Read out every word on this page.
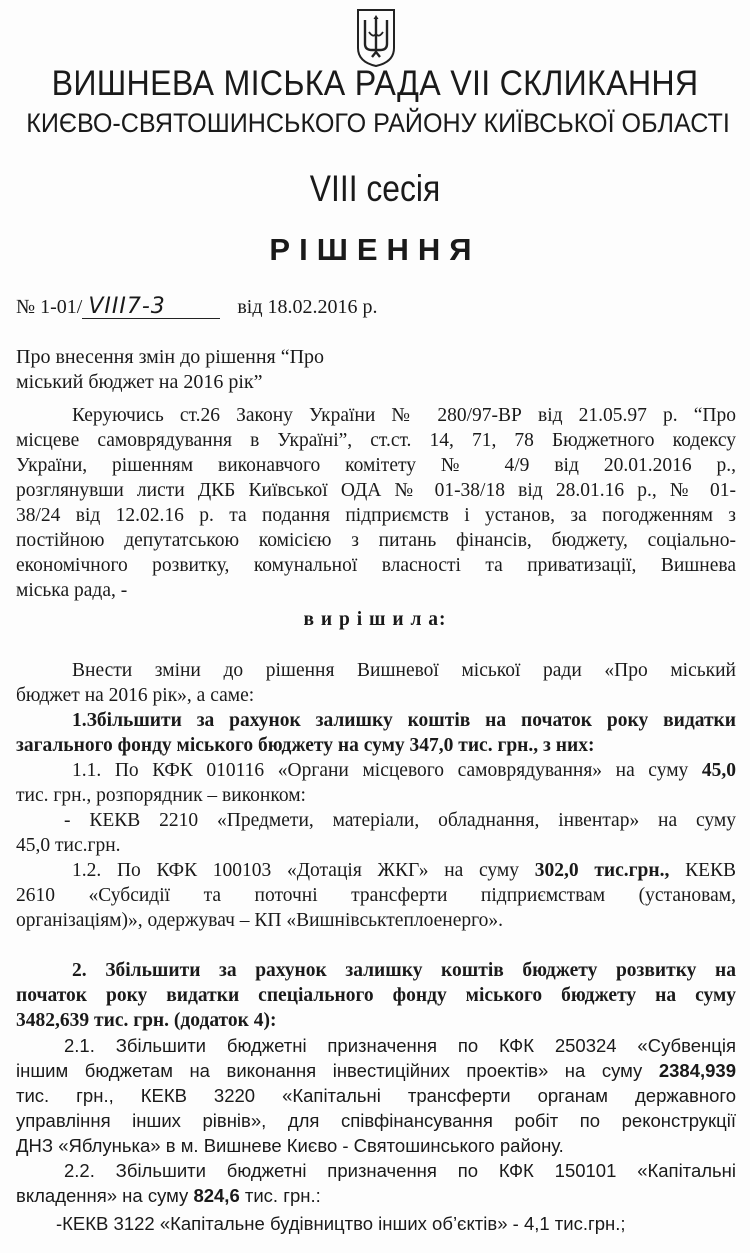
ВИШНЕВА МІСЬКА РАДА VII СКЛИКАННЯ
КИЄВО-СВЯТОШИНСЬКОГО РАЙОНУ КИЇВСЬКОЇ ОБЛАСТІ
VIII сесія
РІШЕННЯ
№ 1-01/ VIII7-3	від 18.02.2016 р.
Про внесення змін до рішення “Про
міський бюджет на 2016 рік”

Керуючись ст.26 Закону України № 280/97-ВР від 21.05.97 р. “Про

місцеве самоврядування в Україні”, ст.ст. 14, 71, 78 Бюджетного кодексу

України, рішенням виконавчого комітету № 4/9 від 20.01.2016 р.,

розглянувши листи ДКБ Київської ОДА № 01-38/18 від 28.01.16 р., № 01-

38/24 від 12.02.16 р. та подання підприємств і установ, за погодженням з

постійною депутатською комісією з питань фінансів, бюджету, соціально-

економічного розвитку, комунальної власності та приватизації, Вишнева

міська рада, -

в и р і ш и л а:

Внести зміни до рішення Вишневої міської ради «Про міський

бюджет на 2016 рік», а саме:

1.Збільшити за рахунок залишку коштів на початок року видатки

загального фонду міського бюджету на суму 347,0 тис. грн., з них:

1.1. По КФК 010116 «Органи місцевого самоврядування» на суму 45,0

тис. грн., розпорядник – виконком:

- КЕКВ 2210 «Предмети, матеріали, обладнання, інвентар» на суму

45,0 тис.грн.

1.2. По КФК 100103 «Дотація ЖКГ» на суму 302,0 тис.грн., КЕКВ

2610 «Субсидії та поточні трансферти підприємствам (установам,

організаціям)», одержувач – КП «Вишнівськтеплоенерго».

2. Збільшити за рахунок залишку коштів бюджету розвитку на

початок року видатки спеціального фонду міського бюджету на суму

3482,639 тис. грн. (додаток 4):

2.1. Збільшити бюджетні призначення по КФК 250324 «Субвенція

іншим бюджетам на виконання інвестиційних проектів» на суму 2384,939

тис. грн., КЕКВ 3220 «Капітальні трансферти органам державного

управління інших рівнів», для співфінансування робіт по реконструкції

ДНЗ «Яблунька» в м. Вишневе Києво - Святошинського району.

2.2. Збільшити бюджетні призначення по КФК 150101 «Капітальні

вкладення» на суму 824,6 тис. грн.:

-КЕКВ 3122 «Капітальне будівництво інших об’єктів» - 4,1 тис.грн.;
